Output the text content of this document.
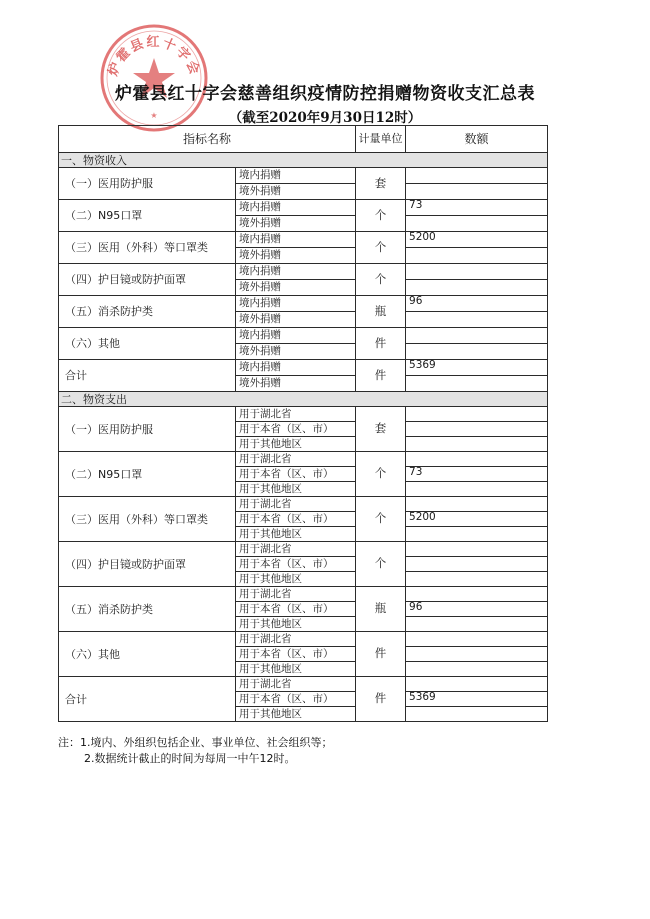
炉霍县红十字会
★
炉霍县红十字会慈善组织疫情防控捐赠物资收支汇总表
（截至2020年9月30日12时）
指标名称		计量单位	数额
一、物资收入			
（一）医用防护服	境内捐赠	套	
	境外捐赠		
（二）N95口罩	境内捐赠	个	73
	境外捐赠		
（三）医用（外科）等口罩类	境内捐赠	个	5200
	境外捐赠		
（四）护目镜或防护面罩	境内捐赠	个	
	境外捐赠		
（五）消杀防护类	境内捐赠	瓶	96
	境外捐赠		
（六）其他	境内捐赠	件	
	境外捐赠		
合计	境内捐赠	件	5369
	境外捐赠		
二、物资支出			
（一）医用防护服	用于湖北省	套	
	用于本省（区、市）		
	用于其他地区		
（二）N95口罩	用于湖北省	个	
	用于本省（区、市）		73
	用于其他地区		
（三）医用（外科）等口罩类	用于湖北省	个	
	用于本省（区、市）		5200
	用于其他地区		
（四）护目镜或防护面罩	用于湖北省	个	
	用于本省（区、市）		
	用于其他地区		
（五）消杀防护类	用于湖北省	瓶	
	用于本省（区、市）		96
	用于其他地区		
（六）其他	用于湖北省	件	
	用于本省（区、市）		
	用于其他地区		
合计	用于湖北省	件	
	用于本省（区、市）		5369
	用于其他地区		
注：1.境内、外组织包括企业、事业单位、社会组织等；
2.数据统计截止的时间为每周一中午12时。
